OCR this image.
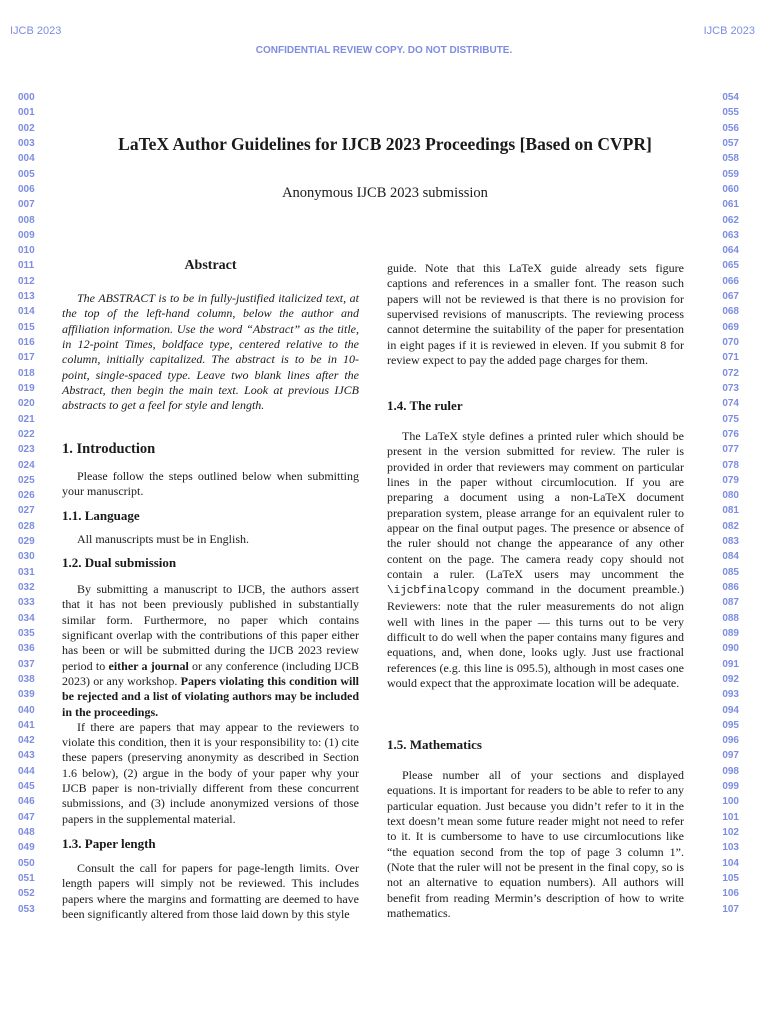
IJCB 2023	IJCB 2023
CONFIDENTIAL REVIEW COPY. DO NOT DISTRIBUTE.
000
001
002
003
004
005
006
007
008
009
010
011
012
013
014
015
016
017
018
019
020
021
022
023
024
025
026
027
028
029
030
031
032
033
034
035
036
037
038
039
040
041
042
043
044
045
046
047
048
049
050
051
052
053
054
055
056
057
058
059
060
061
062
063
064
065
066
067
068
069
070
071
072
073
074
075
076
077
078
079
080
081
082
083
084
085
086
087
088
089
090
091
092
093
094
095
096
097
098
099
100
101
102
103
104
105
106
107
LaTeX Author Guidelines for IJCB 2023 Proceedings [Based on CVPR]
Anonymous IJCB 2023 submission
Abstract

The ABSTRACT is to be in fully-justified italicized text, at the top of the left-hand column, below the author and affiliation information. Use the word “Abstract” as the title, in 12-point Times, boldface type, centered relative to the column, initially capitalized. The abstract is to be in 10-point, single-spaced type. Leave two blank lines after the Abstract, then begin the main text. Look at previous IJCB abstracts to get a feel for style and length.

1. Introduction

Please follow the steps outlined below when submitting your manuscript.

1.1. Language

All manuscripts must be in English.

1.2. Dual submission

By submitting a manuscript to IJCB, the authors assert that it has not been previously published in substantially similar form. Furthermore, no paper which contains significant overlap with the contributions of this paper either has been or will be submitted during the IJCB 2023 review period to either a journal or any conference (including IJCB 2023) or any workshop. Papers violating this condition will be rejected and a list of violating authors may be included in the proceedings.

If there are papers that may appear to the reviewers to violate this condition, then it is your responsibility to: (1) cite these papers (preserving anonymity as described in Section 1.6 below), (2) argue in the body of your paper why your IJCB paper is non-trivially different from these concurrent submissions, and (3) include anonymized versions of those papers in the supplemental material.

1.3. Paper length

Consult the call for papers for page-length limits. Over length papers will simply not be reviewed. This includes papers where the margins and formatting are deemed to have been significantly altered from those laid down by this style

guide. Note that this LaTeX guide already sets figure captions and references in a smaller font. The reason such papers will not be reviewed is that there is no provision for supervised revisions of manuscripts. The reviewing process cannot determine the suitability of the paper for presentation in eight pages if it is reviewed in eleven. If you submit 8 for review expect to pay the added page charges for them.

1.4. The ruler

The LaTeX style defines a printed ruler which should be present in the version submitted for review. The ruler is provided in order that reviewers may comment on particular lines in the paper without circumlocution. If you are preparing a document using a non-LaTeX document preparation system, please arrange for an equivalent ruler to appear on the final output pages. The presence or absence of the ruler should not change the appearance of any other content on the page. The camera ready copy should not contain a ruler. (LaTeX users may uncomment the \ijcbfinalcopy command in the document preamble.) Reviewers: note that the ruler measurements do not align well with lines in the paper — this turns out to be very difficult to do well when the paper contains many figures and equations, and, when done, looks ugly. Just use fractional references (e.g. this line is 095.5), although in most cases one would expect that the approximate location will be adequate.

1.5. Mathematics

Please number all of your sections and displayed equations. It is important for readers to be able to refer to any particular equation. Just because you didn’t refer to it in the text doesn’t mean some future reader might not need to refer to it. It is cumbersome to have to use circumlocutions like “the equation second from the top of page 3 column 1”. (Note that the ruler will not be present in the final copy, so is not an alternative to equation numbers). All authors will benefit from reading Mermin’s description of how to write mathematics.
